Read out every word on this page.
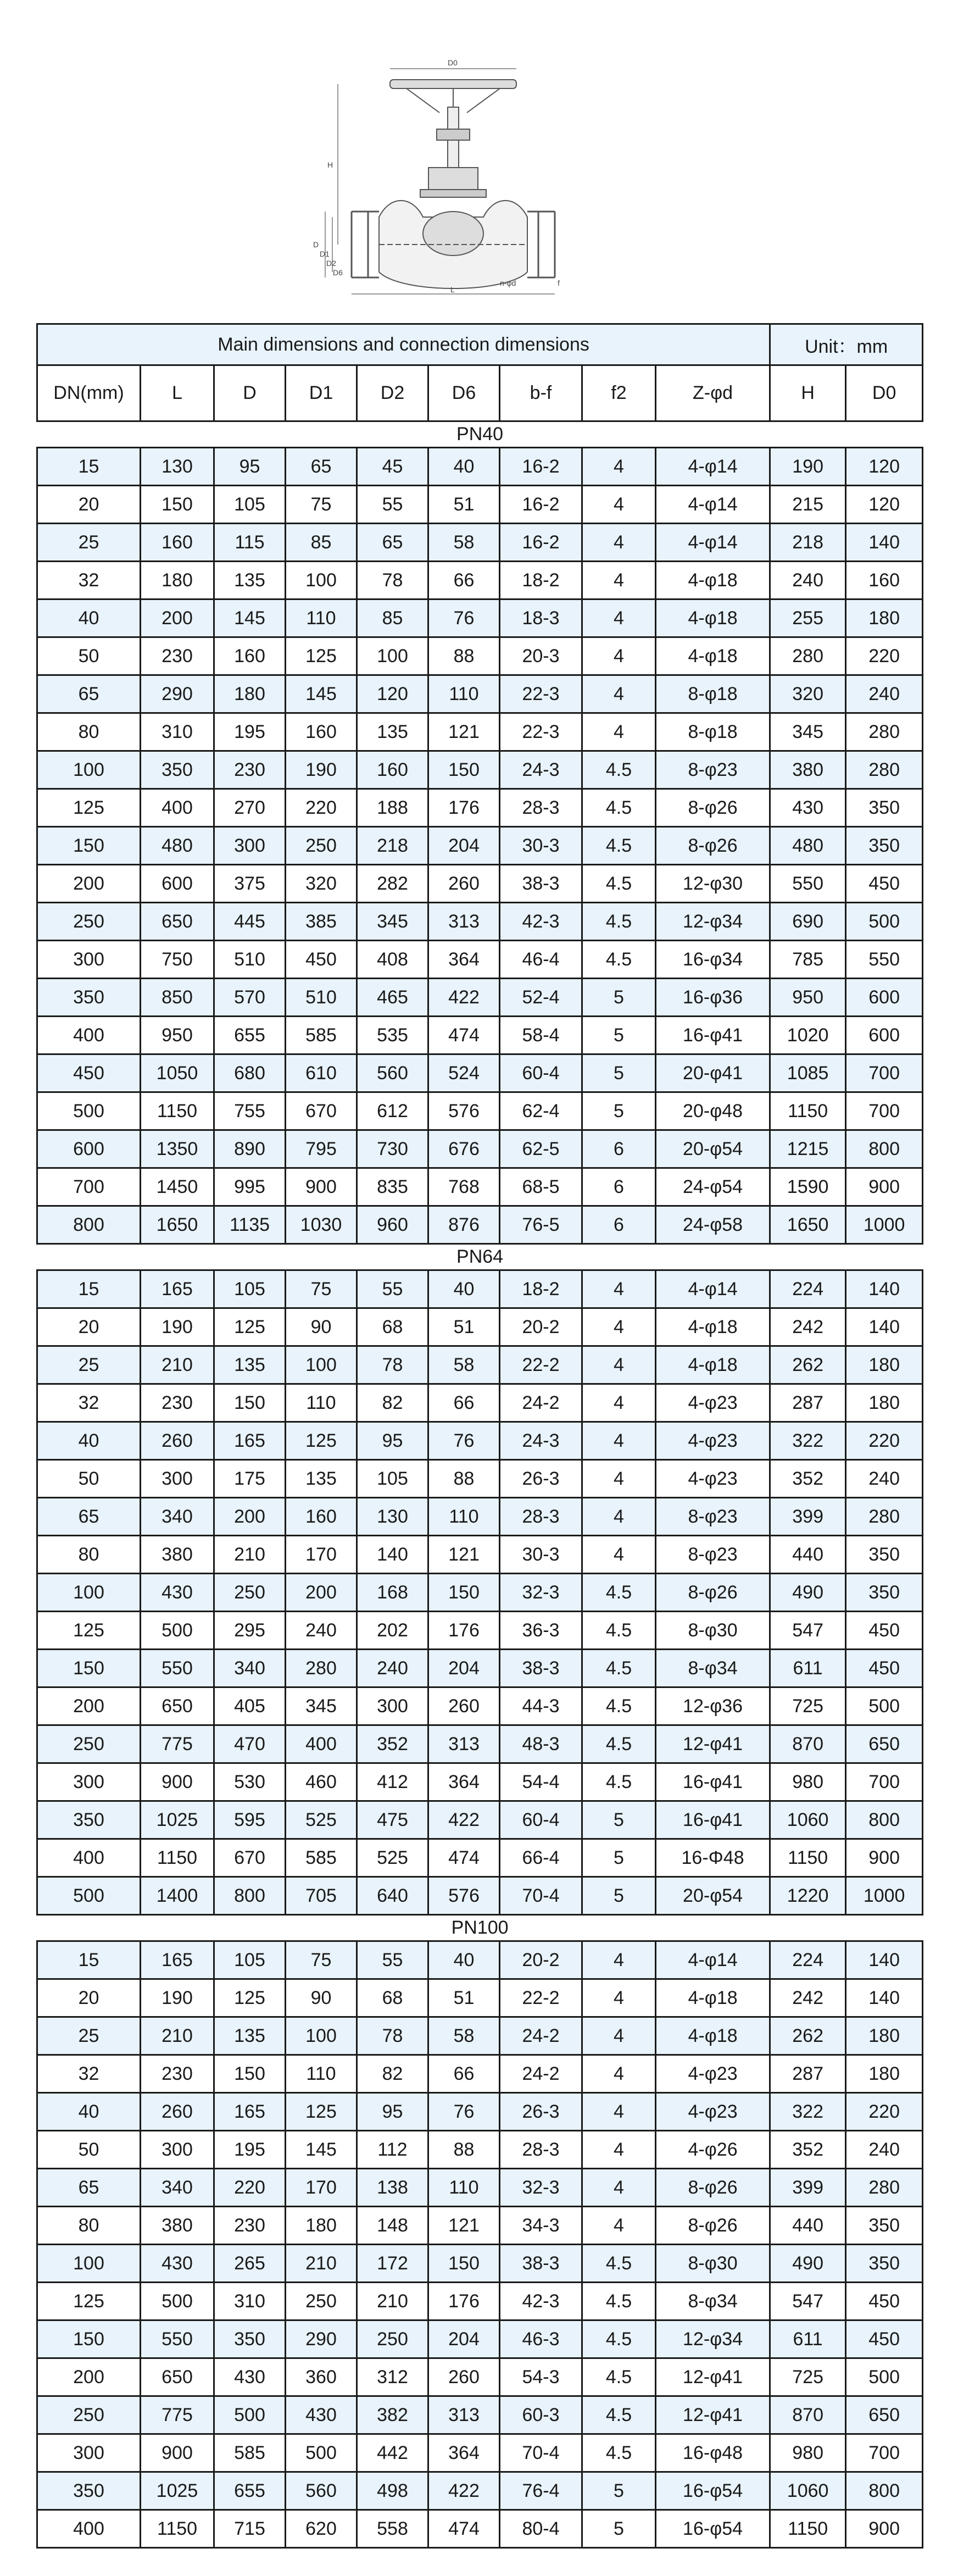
D0
H
D
D1
D2
D6
n-φd	f
L
Main dimensions and connection dimensions									Unit：mm	
DN(mm)	L	D	D1	D2	D6	b-f	f2	Z-φd	H	D0
PN40										
15	130	95	65	45	40	16-2	4	4-φ14	190	120
20	150	105	75	55	51	16-2	4	4-φ14	215	120
25	160	115	85	65	58	16-2	4	4-φ14	218	140
32	180	135	100	78	66	18-2	4	4-φ18	240	160
40	200	145	110	85	76	18-3	4	4-φ18	255	180
50	230	160	125	100	88	20-3	4	4-φ18	280	220
65	290	180	145	120	110	22-3	4	8-φ18	320	240
80	310	195	160	135	121	22-3	4	8-φ18	345	280
100	350	230	190	160	150	24-3	4.5	8-φ23	380	280
125	400	270	220	188	176	28-3	4.5	8-φ26	430	350
150	480	300	250	218	204	30-3	4.5	8-φ26	480	350
200	600	375	320	282	260	38-3	4.5	12-φ30	550	450
250	650	445	385	345	313	42-3	4.5	12-φ34	690	500
300	750	510	450	408	364	46-4	4.5	16-φ34	785	550
350	850	570	510	465	422	52-4	5	16-φ36	950	600
400	950	655	585	535	474	58-4	5	16-φ41	1020	600
450	1050	680	610	560	524	60-4	5	20-φ41	1085	700
500	1150	755	670	612	576	62-4	5	20-φ48	1150	700
600	1350	890	795	730	676	62-5	6	20-φ54	1215	800
700	1450	995	900	835	768	68-5	6	24-φ54	1590	900
800	1650	1135	1030	960	876	76-5	6	24-φ58	1650	1000
PN64										
15	165	105	75	55	40	18-2	4	4-φ14	224	140
20	190	125	90	68	51	20-2	4	4-φ18	242	140
25	210	135	100	78	58	22-2	4	4-φ18	262	180
32	230	150	110	82	66	24-2	4	4-φ23	287	180
40	260	165	125	95	76	24-3	4	4-φ23	322	220
50	300	175	135	105	88	26-3	4	4-φ23	352	240
65	340	200	160	130	110	28-3	4	8-φ23	399	280
80	380	210	170	140	121	30-3	4	8-φ23	440	350
100	430	250	200	168	150	32-3	4.5	8-φ26	490	350
125	500	295	240	202	176	36-3	4.5	8-φ30	547	450
150	550	340	280	240	204	38-3	4.5	8-φ34	611	450
200	650	405	345	300	260	44-3	4.5	12-φ36	725	500
250	775	470	400	352	313	48-3	4.5	12-φ41	870	650
300	900	530	460	412	364	54-4	4.5	16-φ41	980	700
350	1025	595	525	475	422	60-4	5	16-φ41	1060	800
400	1150	670	585	525	474	66-4	5	16-Φ48	1150	900
500	1400	800	705	640	576	70-4	5	20-φ54	1220	1000
PN100										
15	165	105	75	55	40	20-2	4	4-φ14	224	140
20	190	125	90	68	51	22-2	4	4-φ18	242	140
25	210	135	100	78	58	24-2	4	4-φ18	262	180
32	230	150	110	82	66	24-2	4	4-φ23	287	180
40	260	165	125	95	76	26-3	4	4-φ23	322	220
50	300	195	145	112	88	28-3	4	4-φ26	352	240
65	340	220	170	138	110	32-3	4	8-φ26	399	280
80	380	230	180	148	121	34-3	4	8-φ26	440	350
100	430	265	210	172	150	38-3	4.5	8-φ30	490	350
125	500	310	250	210	176	42-3	4.5	8-φ34	547	450
150	550	350	290	250	204	46-3	4.5	12-φ34	611	450
200	650	430	360	312	260	54-3	4.5	12-φ41	725	500
250	775	500	430	382	313	60-3	4.5	12-φ41	870	650
300	900	585	500	442	364	70-4	4.5	16-φ48	980	700
350	1025	655	560	498	422	76-4	5	16-φ54	1060	800
400	1150	715	620	558	474	80-4	5	16-φ54	1150	900
